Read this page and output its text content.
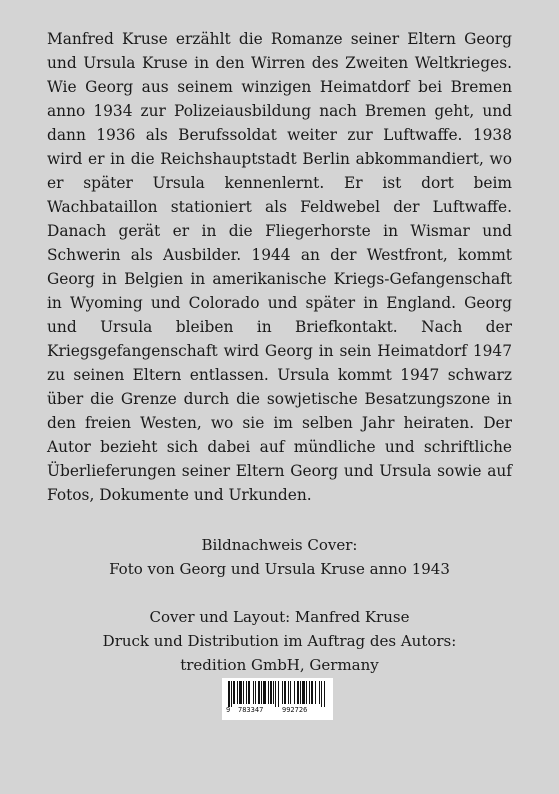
Manfred Kruse erzählt die Romanze seiner Eltern Georg und Ursula Kruse in den Wirren des Zweiten Weltkrieges. Wie Georg aus seinem winzigen Heimatdorf bei Bremen anno 1934 zur Polizeiausbildung nach Bremen geht, und dann 1936 als Berufssoldat weiter zur Luftwaffe. 1938 wird er in die Reichshauptstadt Berlin abkommandiert, wo er später Ursula kennenlernt. Er ist dort beim Wachbataillon stationiert als Feldwebel der Luftwaffe. Danach gerät er in die Fliegerhorste in Wismar und Schwerin als Ausbilder. 1944 an der Westfront, kommt Georg in Belgien in amerikanische Kriegs-Gefangenschaft in Wyoming und Colorado und später in England. Georg und Ursula bleiben in Briefkontakt. Nach der Kriegsgefangenschaft wird Georg in sein Heimatdorf 1947 zu seinen Eltern entlassen. Ursula kommt 1947 schwarz über die Grenze durch die sowjetische Besatzungszone in den freien Westen, wo sie im selben Jahr heiraten. Der Autor bezieht sich dabei auf mündliche und schriftliche Überlieferungen seiner Eltern Georg und Ursula sowie auf Fotos, Dokumente und Urkunden.

Bildnachweis Cover:
Foto von Georg und Ursula Kruse anno 1943
Cover und Layout: Manfred Kruse
Druck und Distribution im Auftrag des Autors:
tredition GmbH, Germany
9 783347	992726
